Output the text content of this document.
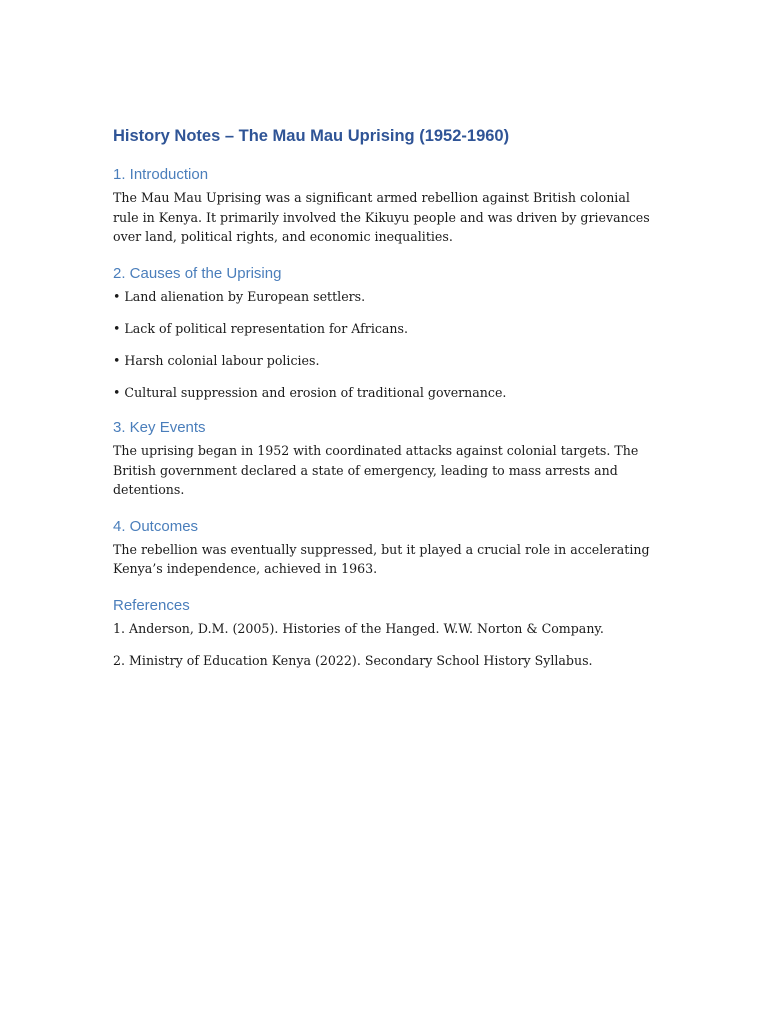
History Notes – The Mau Mau Uprising (1952-1960)
1. Introduction

The Mau Mau Uprising was a significant armed rebellion against British colonial rule in Kenya. It primarily involved the Kikuyu people and was driven by grievances over land, political rights, and economic inequalities.

2. Causes of the Uprising

• Land alienation by European settlers.

• Lack of political representation for Africans.

• Harsh colonial labour policies.

• Cultural suppression and erosion of traditional governance.

3. Key Events

The uprising began in 1952 with coordinated attacks against colonial targets. The British government declared a state of emergency, leading to mass arrests and detentions.

4. Outcomes

The rebellion was eventually suppressed, but it played a crucial role in accelerating Kenya’s independence, achieved in 1963.

References

1. Anderson, D.M. (2005). Histories of the Hanged. W.W. Norton & Company.

2. Ministry of Education Kenya (2022). Secondary School History Syllabus.
